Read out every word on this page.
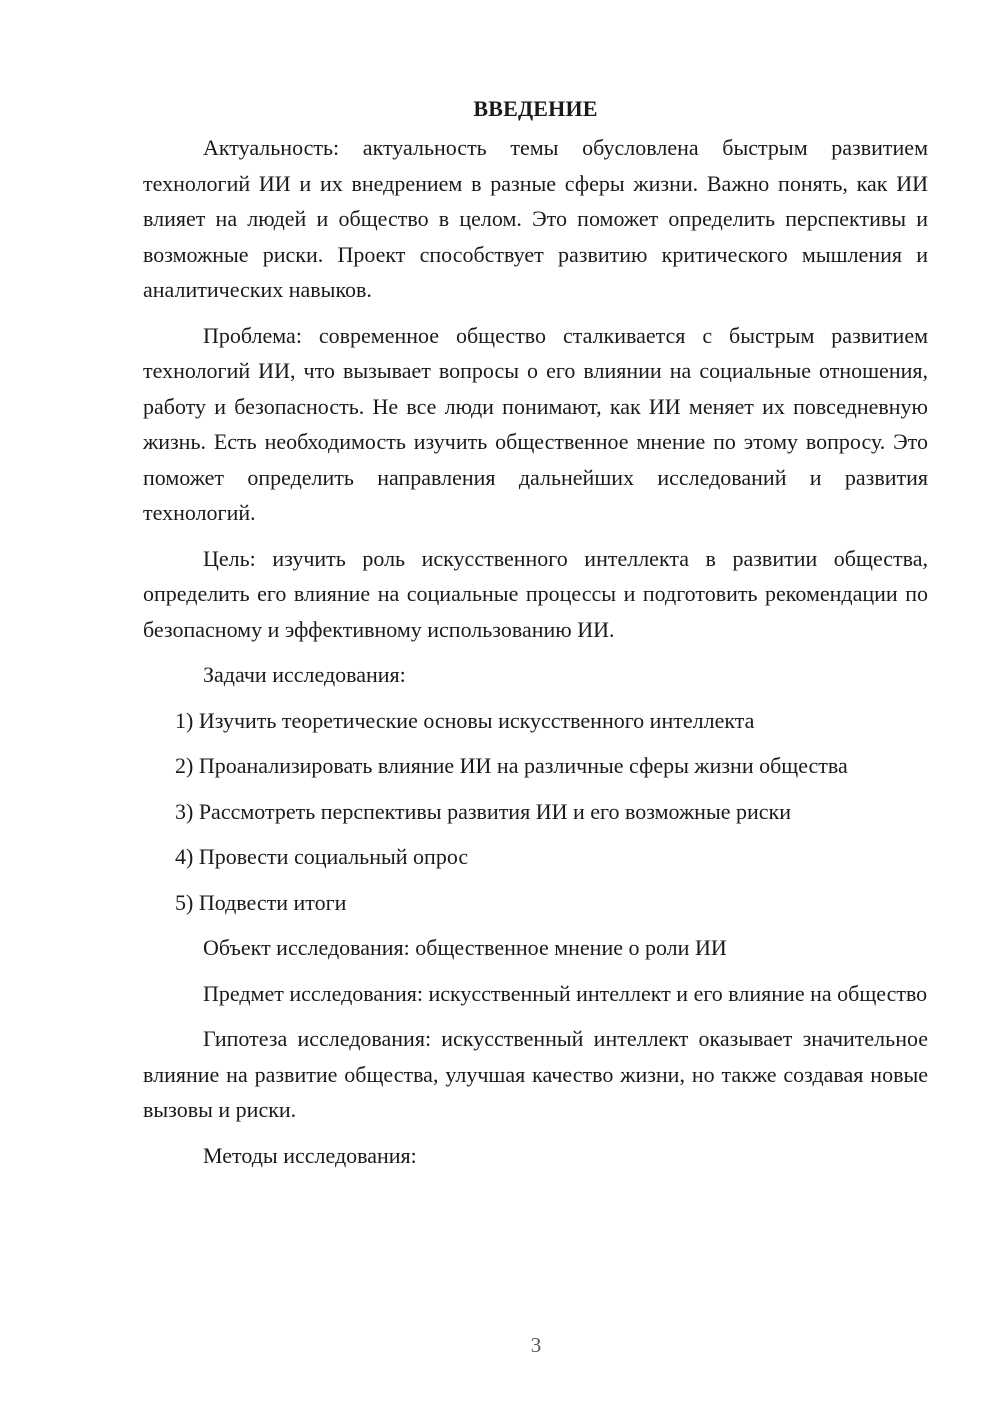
ВВЕДЕНИЕ

Актуальность: актуальность темы обусловлена быстрым развитием технологий ИИ и их внедрением в разные сферы жизни. Важно понять, как ИИ влияет на людей и общество в целом. Это поможет определить перспективы и возможные риски. Проект способствует развитию критического мышления и аналитических навыков.

Проблема: современное общество сталкивается с быстрым развитием технологий ИИ, что вызывает вопросы о его влиянии на социальные отношения, работу и безопасность. Не все люди понимают, как ИИ меняет их повседневную жизнь. Есть необходимость изучить общественное мнение по этому вопросу. Это поможет определить направления дальнейших исследований и развития технологий.

Цель: изучить роль искусственного интеллекта в развитии общества, определить его влияние на социальные процессы и подготовить рекомендации по безопасному и эффективному использованию ИИ.

Задачи исследования:

1) Изучить теоретические основы искусственного интеллекта

2) Проанализировать влияние ИИ на различные сферы жизни общества

3) Рассмотреть перспективы развития ИИ и его возможные риски

4) Провести социальный опрос

5) Подвести итоги

Объект исследования: общественное мнение о роли ИИ

Предмет исследования: искусственный интеллект и его влияние на общество

Гипотеза исследования: искусственный интеллект оказывает значительное влияние на развитие общества, улучшая качество жизни, но также создавая новые вызовы и риски.

Методы исследования:

3
